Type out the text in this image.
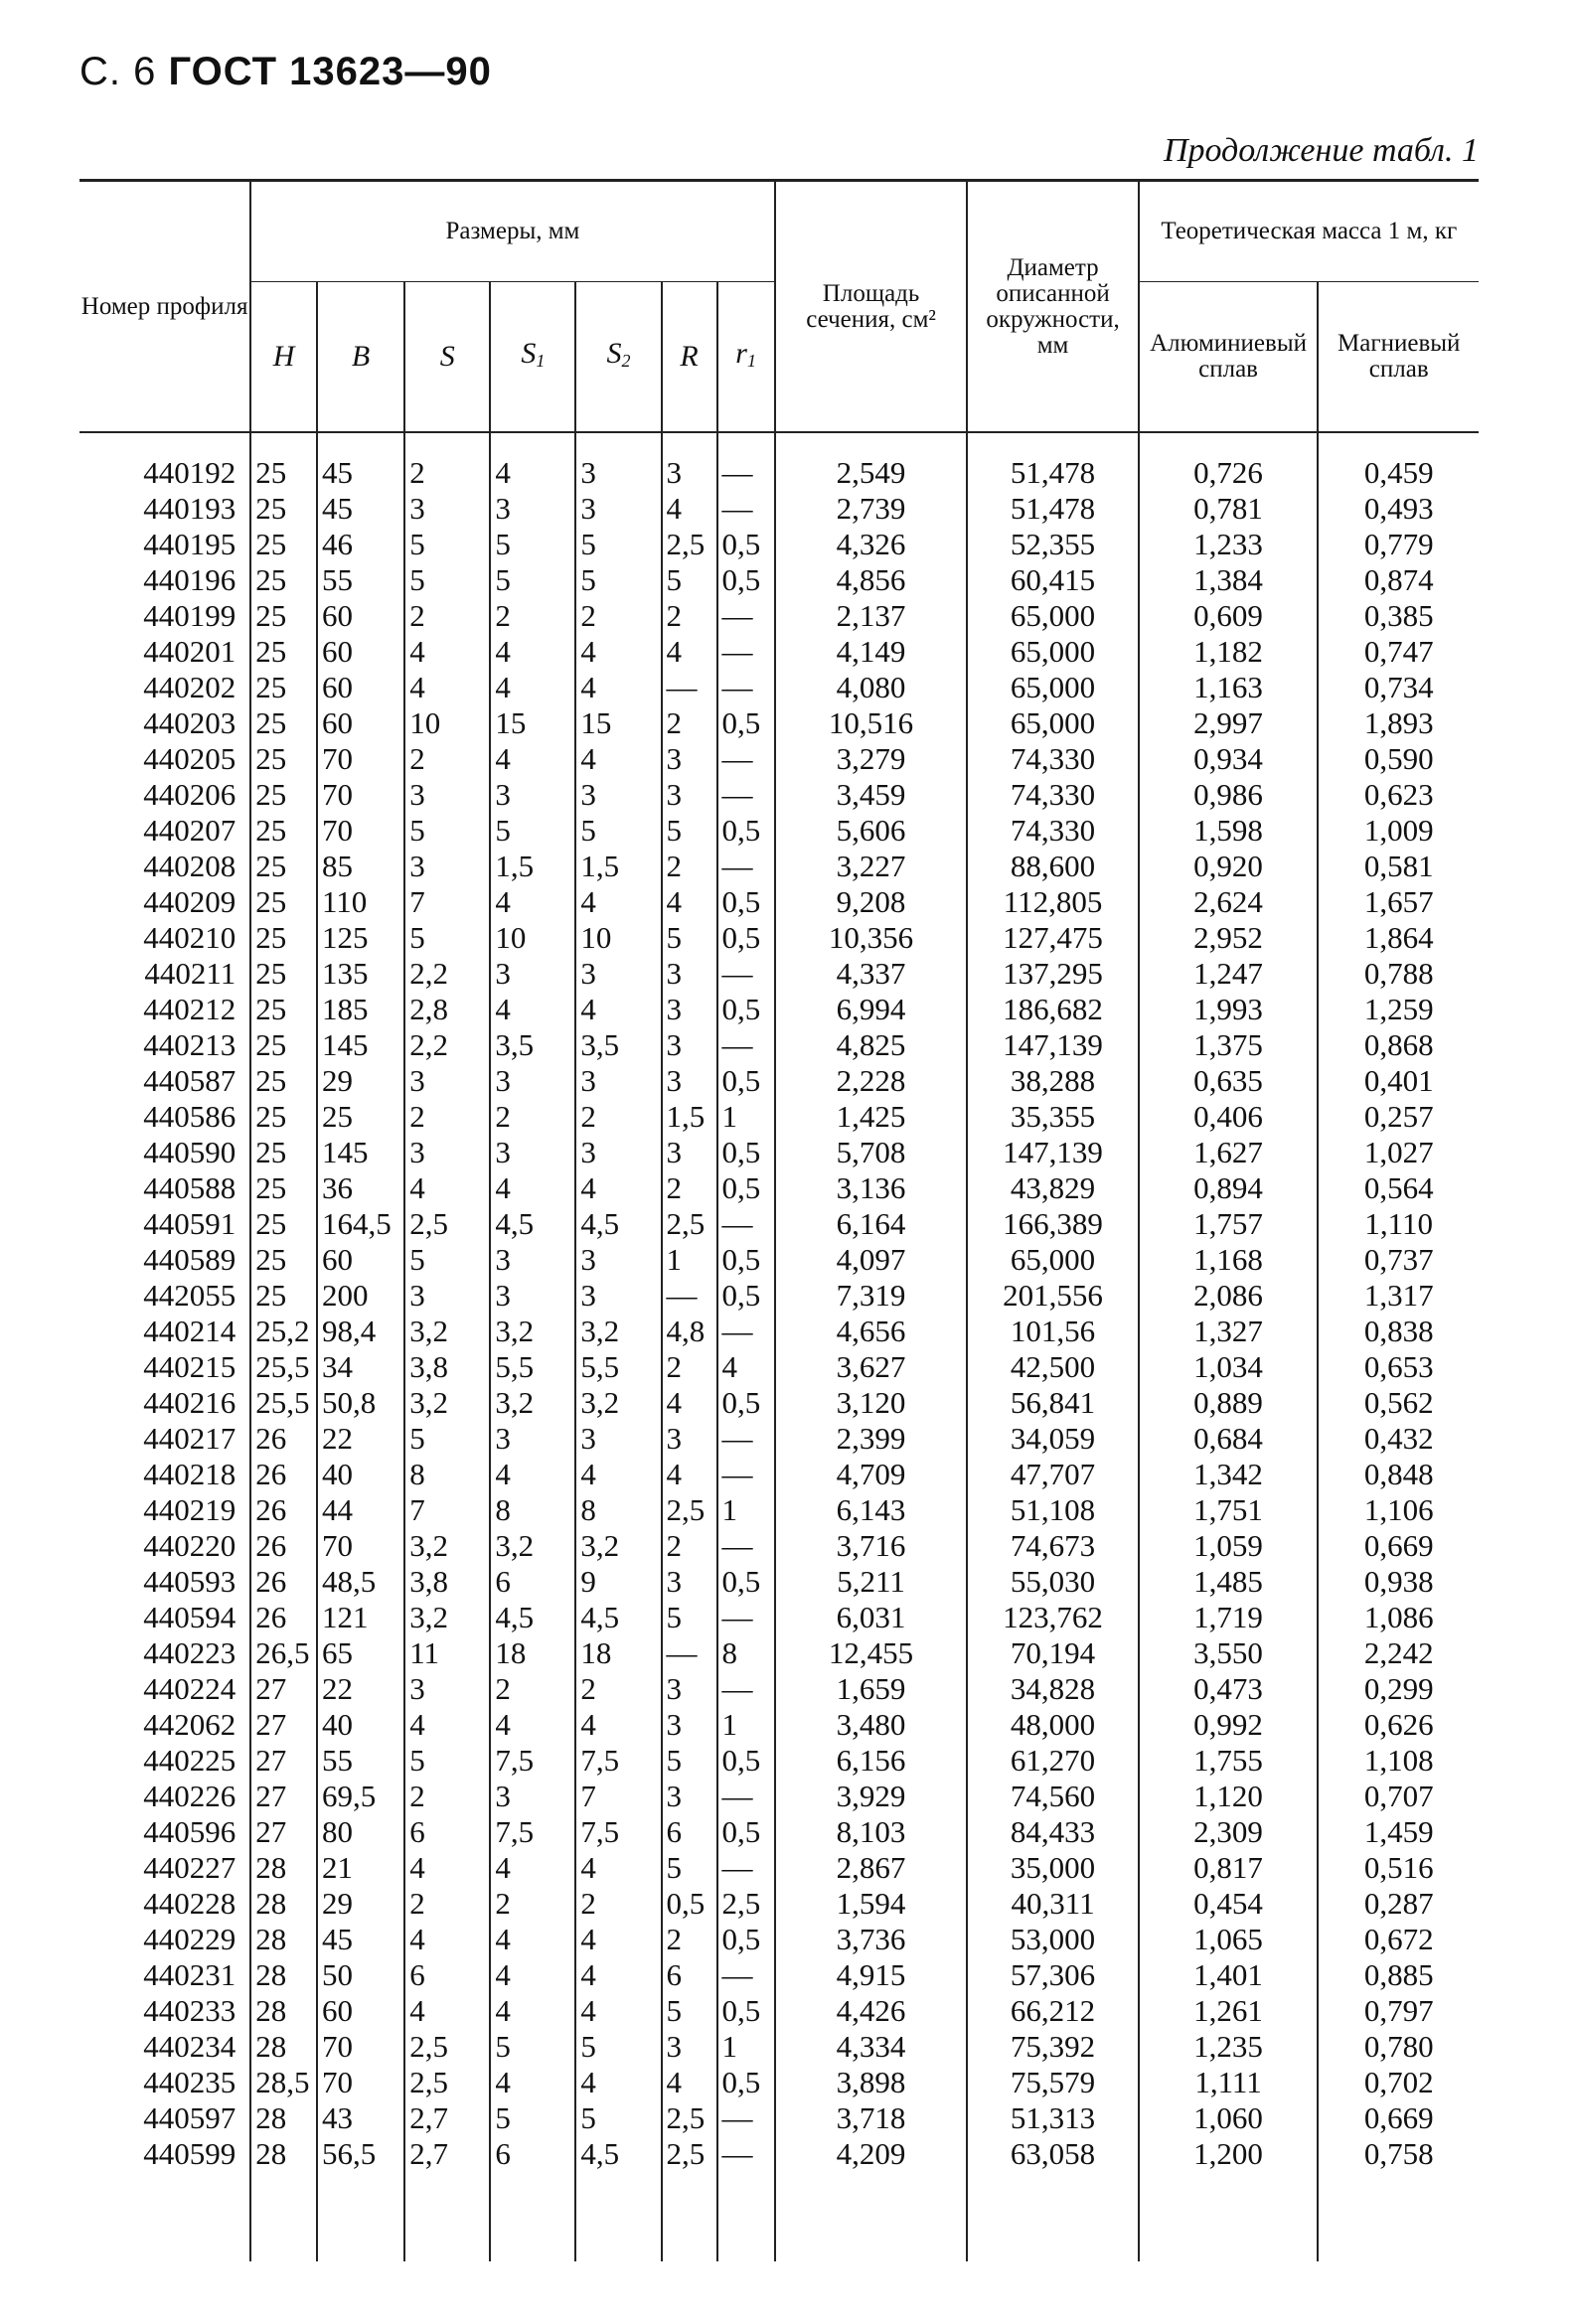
С. 6 ГОСТ 13623—90
Продолжение табл. 1
Номер профиля	Размеры, мм							Площадь сечения, см²	Диаметр описанной окружности, мм	Теоретическая масса 1 м, кг	
	H	B	S	$S_1$	$S_2$	R	$r_1$			Алюминиевый сплав	Магниевый сплав
440192	25	45	2	4	3	3	—	2,549	51,478	0,726	0,459
440193	25	45	3	3	3	4	—	2,739	51,478	0,781	0,493
440195	25	46	5	5	5	2,5	0,5	4,326	52,355	1,233	0,779
440196	25	55	5	5	5	5	0,5	4,856	60,415	1,384	0,874
440199	25	60	2	2	2	2	—	2,137	65,000	0,609	0,385
440201	25	60	4	4	4	4	—	4,149	65,000	1,182	0,747
440202	25	60	4	4	4	—	—	4,080	65,000	1,163	0,734
440203	25	60	10	15	15	2	0,5	10,516	65,000	2,997	1,893
440205	25	70	2	4	4	3	—	3,279	74,330	0,934	0,590
440206	25	70	3	3	3	3	—	3,459	74,330	0,986	0,623
440207	25	70	5	5	5	5	0,5	5,606	74,330	1,598	1,009
440208	25	85	3	1,5	1,5	2	—	3,227	88,600	0,920	0,581
440209	25	110	7	4	4	4	0,5	9,208	112,805	2,624	1,657
440210	25	125	5	10	10	5	0,5	10,356	127,475	2,952	1,864
440211	25	135	2,2	3	3	3	—	4,337	137,295	1,247	0,788
440212	25	185	2,8	4	4	3	0,5	6,994	186,682	1,993	1,259
440213	25	145	2,2	3,5	3,5	3	—	4,825	147,139	1,375	0,868
440587	25	29	3	3	3	3	0,5	2,228	38,288	0,635	0,401
440586	25	25	2	2	2	1,5	1	1,425	35,355	0,406	0,257
440590	25	145	3	3	3	3	0,5	5,708	147,139	1,627	1,027
440588	25	36	4	4	4	2	0,5	3,136	43,829	0,894	0,564
440591	25	164,5	2,5	4,5	4,5	2,5	—	6,164	166,389	1,757	1,110
440589	25	60	5	3	3	1	0,5	4,097	65,000	1,168	0,737
442055	25	200	3	3	3	—	0,5	7,319	201,556	2,086	1,317
440214	25,2	98,4	3,2	3,2	3,2	4,8	—	4,656	101,56	1,327	0,838
440215	25,5	34	3,8	5,5	5,5	2	4	3,627	42,500	1,034	0,653
440216	25,5	50,8	3,2	3,2	3,2	4	0,5	3,120	56,841	0,889	0,562
440217	26	22	5	3	3	3	—	2,399	34,059	0,684	0,432
440218	26	40	8	4	4	4	—	4,709	47,707	1,342	0,848
440219	26	44	7	8	8	2,5	1	6,143	51,108	1,751	1,106
440220	26	70	3,2	3,2	3,2	2	—	3,716	74,673	1,059	0,669
440593	26	48,5	3,8	6	9	3	0,5	5,211	55,030	1,485	0,938
440594	26	121	3,2	4,5	4,5	5	—	6,031	123,762	1,719	1,086
440223	26,5	65	11	18	18	—	8	12,455	70,194	3,550	2,242
440224	27	22	3	2	2	3	—	1,659	34,828	0,473	0,299
442062	27	40	4	4	4	3	1	3,480	48,000	0,992	0,626
440225	27	55	5	7,5	7,5	5	0,5	6,156	61,270	1,755	1,108
440226	27	69,5	2	3	7	3	—	3,929	74,560	1,120	0,707
440596	27	80	6	7,5	7,5	6	0,5	8,103	84,433	2,309	1,459
440227	28	21	4	4	4	5	—	2,867	35,000	0,817	0,516
440228	28	29	2	2	2	0,5	2,5	1,594	40,311	0,454	0,287
440229	28	45	4	4	4	2	0,5	3,736	53,000	1,065	0,672
440231	28	50	6	4	4	6	—	4,915	57,306	1,401	0,885
440233	28	60	4	4	4	5	0,5	4,426	66,212	1,261	0,797
440234	28	70	2,5	5	5	3	1	4,334	75,392	1,235	0,780
440235	28,5	70	2,5	4	4	4	0,5	3,898	75,579	1,111	0,702
440597	28	43	2,7	5	5	2,5	—	3,718	51,313	1,060	0,669
440599	28	56,5	2,7	6	4,5	2,5	—	4,209	63,058	1,200	0,758
